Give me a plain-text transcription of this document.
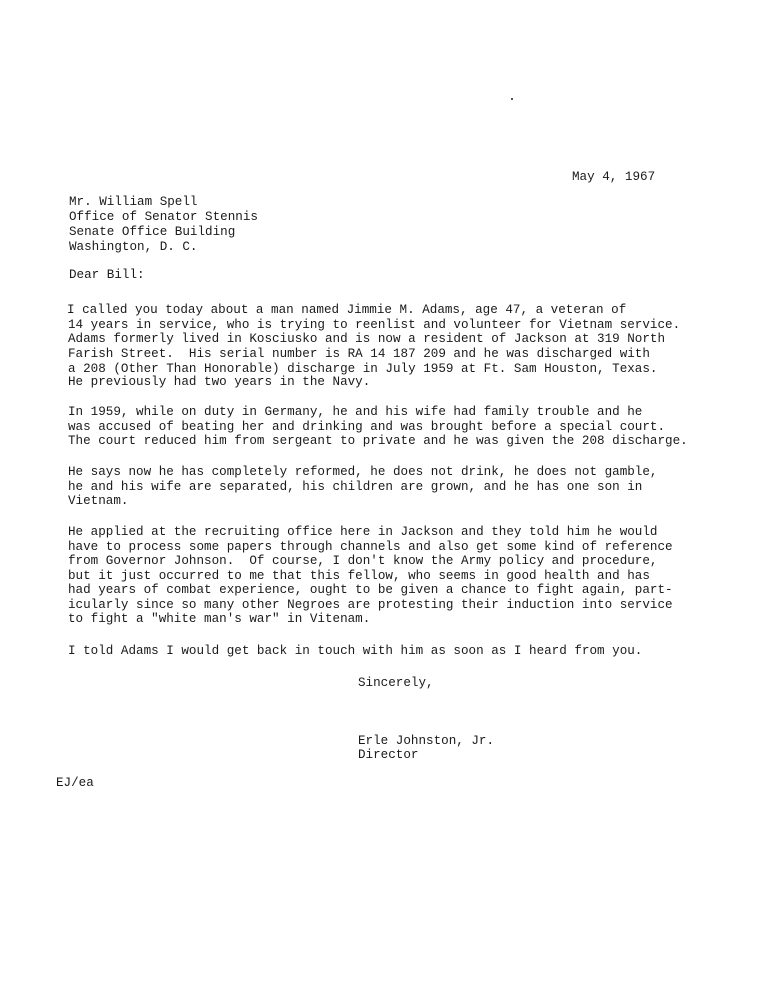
May 4, 1967
Mr. William Spell
Office of Senator Stennis
Senate Office Building
Washington, D. C.
Dear Bill:
I called you today about a man named Jimmie M. Adams, age 47, a veteran of
14 years in service, who is trying to reenlist and volunteer for Vietnam service.
Adams formerly lived in Kosciusko and is now a resident of Jackson at 319 North
Farish Street.  His serial number is RA 14 187 209 and he was discharged with
a 208 (Other Than Honorable) discharge in July 1959 at Ft. Sam Houston, Texas.
He previously had two years in the Navy.
In 1959, while on duty in Germany, he and his wife had family trouble and he
was accused of beating her and drinking and was brought before a special court.
The court reduced him from sergeant to private and he was given the 208 discharge.
He says now he has completely reformed, he does not drink, he does not gamble,
he and his wife are separated, his children are grown, and he has one son in
Vietnam.
He applied at the recruiting office here in Jackson and they told him he would
have to process some papers through channels and also get some kind of reference
from Governor Johnson.  Of course, I don't know the Army policy and procedure,
but it just occurred to me that this fellow, who seems in good health and has
had years of combat experience, ought to be given a chance to fight again, part-
icularly since so many other Negroes are protesting their induction into service
to fight a "white man's war" in Vitenam.
I told Adams I would get back in touch with him as soon as I heard from you.
Sincerely,
Erle Johnston, Jr.
Director
EJ/ea
